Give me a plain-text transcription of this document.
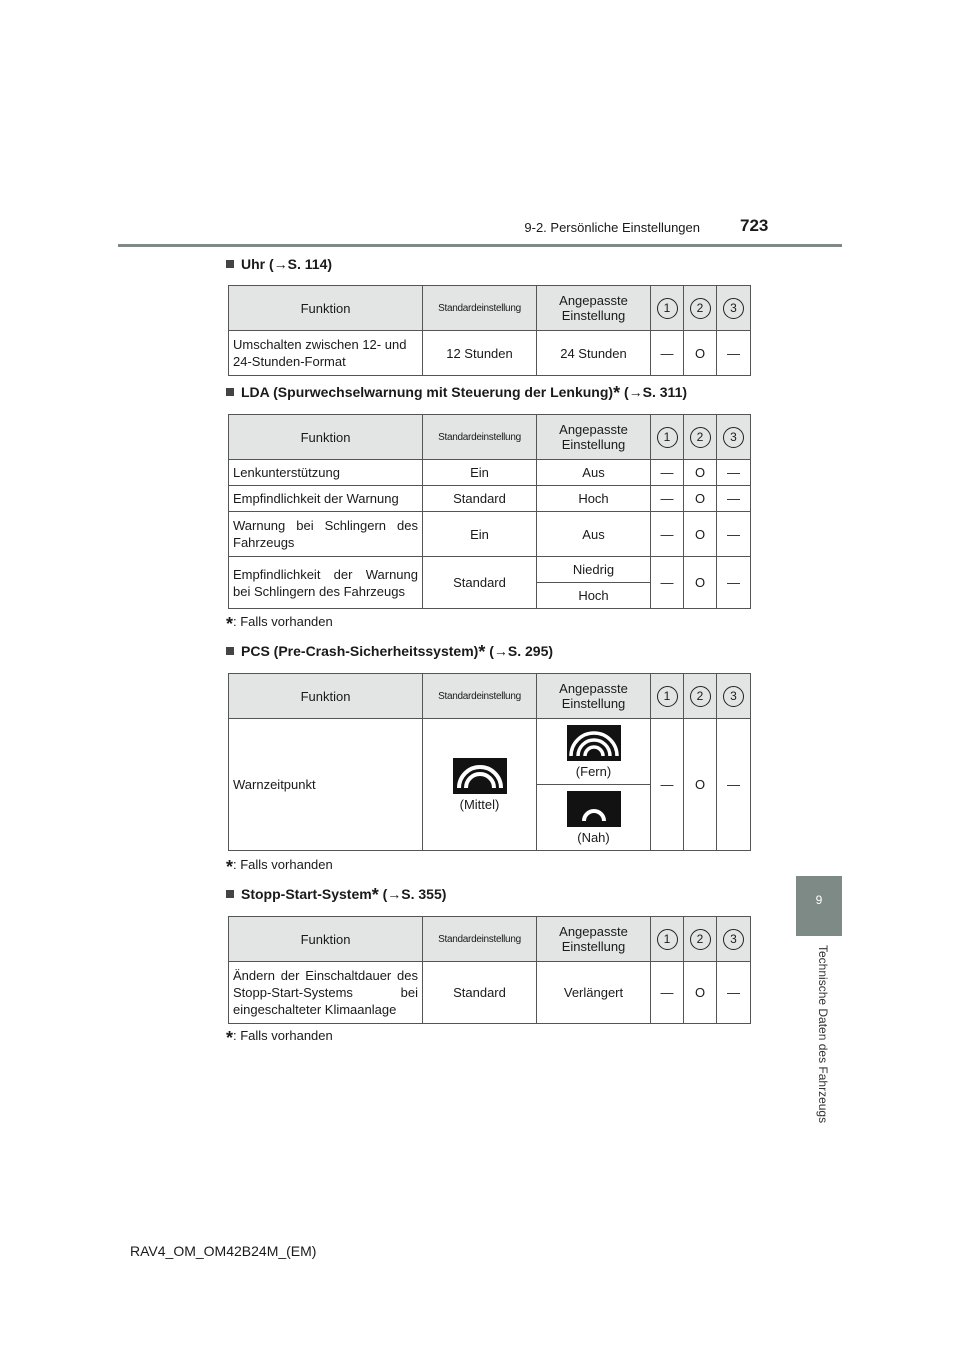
9-2. Persönliche Einstellungen 723
9
Technische Daten des Fahrzeugs
Uhr (→S. 114)
Funktion	Standardeinstellung	Angepasste Einstellung	1	2	3
Umschalten zwischen 12- und 24-Stunden-Format	12 Stunden	24 Stunden	—	O	—
LDA (Spurwechselwarnung mit Steuerung der Lenkung)* (→S. 311)
Funktion	Standardeinstellung	Angepasste Einstellung	1	2	3
Lenkunterstützung	Ein	Aus	—	O	—
Empfindlichkeit der Warnung	Standard	Hoch	—	O	—
Warnung bei Schlingern des Fahrzeugs	Ein	Aus	—	O	—
Empfindlichkeit der Warnung bei Schlingern des Fahrzeugs	Standard	Niedrig	—	O	—
		Hoch			
*: Falls vorhanden
PCS (Pre-Crash-Sicherheitssystem)* (→S. 295)
Funktion	Standardeinstellung	Angepasste Einstellung	1	2	3
Warnzeitpunkt	(Mittel)	(Fern)	—	O	—

		(Nah)			
*: Falls vorhanden
Stopp-Start-System* (→S. 355)
Funktion	Standardeinstellung	Angepasste Einstellung	1	2	3
Ändern der Einschaltdauer des Stopp-Start-Systems bei eingeschalteter Klimaanlage	Standard	Verlängert	—	O	—
*: Falls vorhanden
RAV4_OM_OM42B24M_(EM)
